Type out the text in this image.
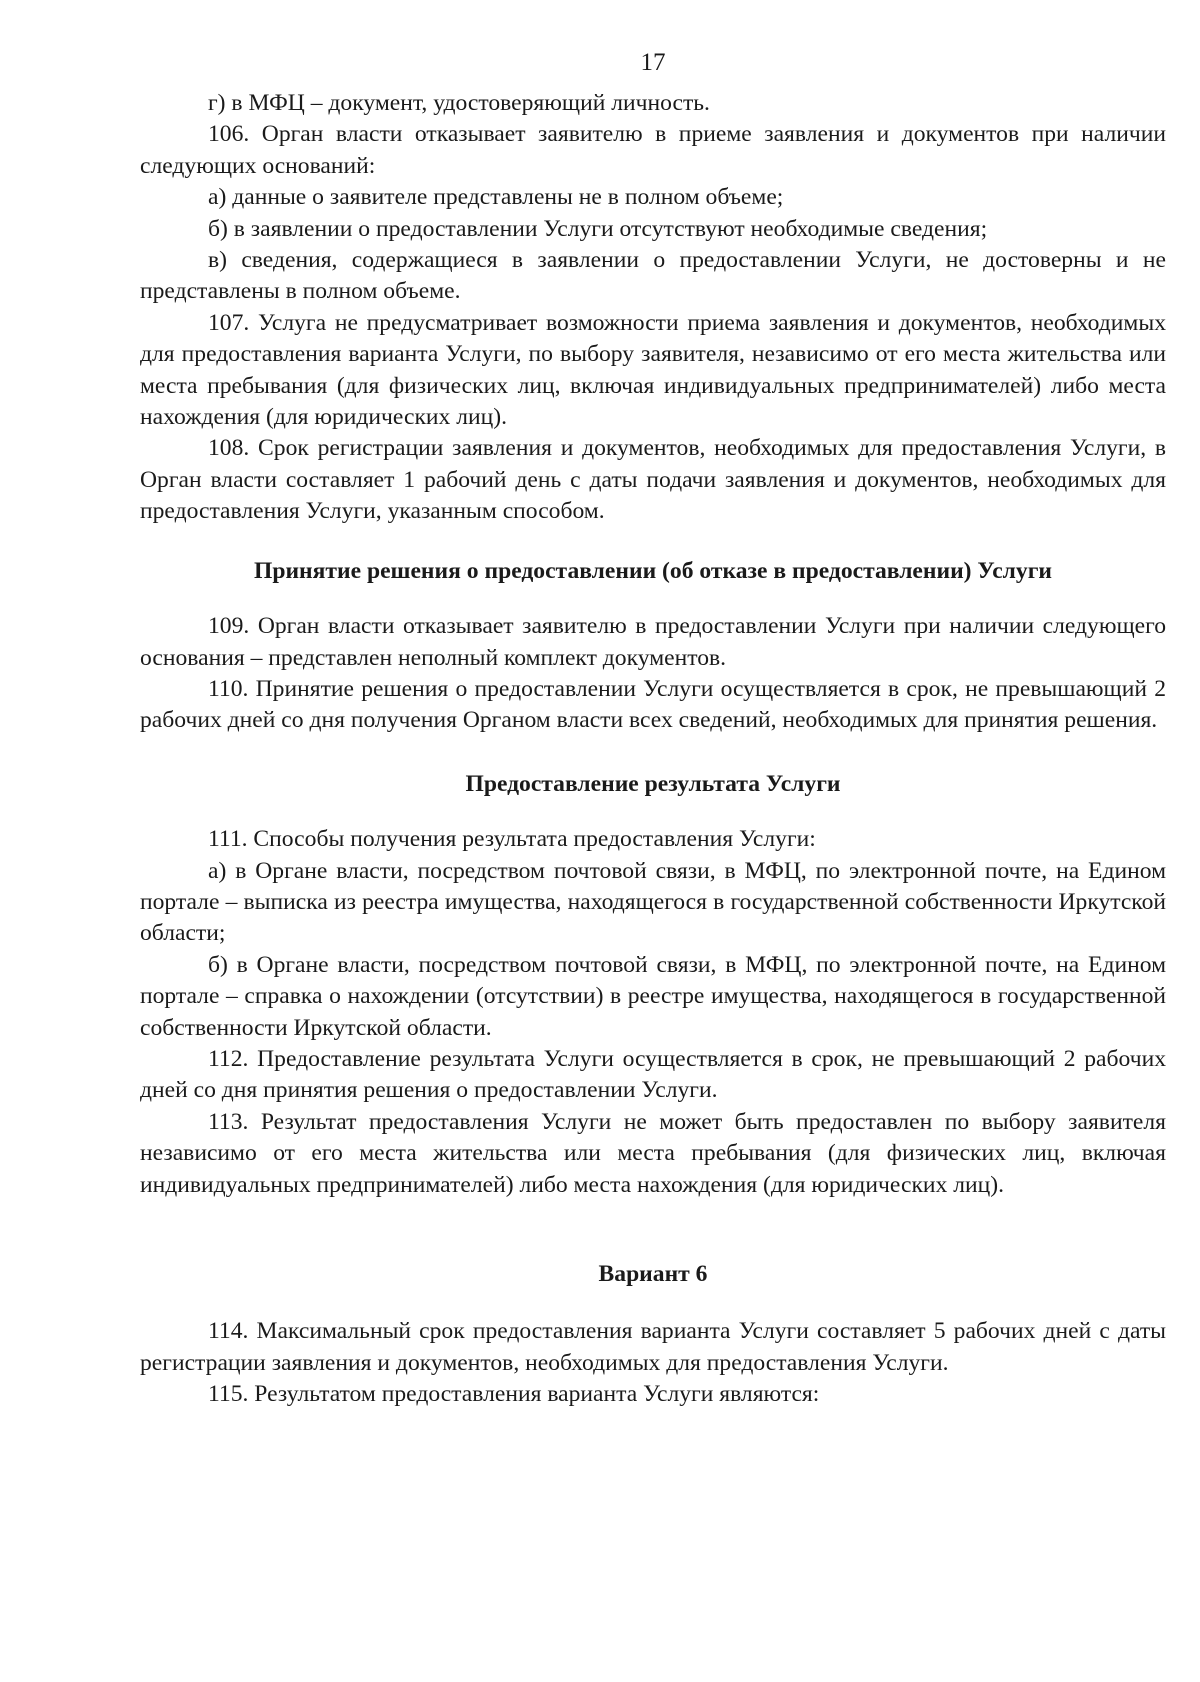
17

г) в МФЦ – документ, удостоверяющий личность.

106. Орган власти отказывает заявителю в приеме заявления и документов при наличии следующих оснований:

а) данные о заявителе представлены не в полном объеме;

б) в заявлении о предоставлении Услуги отсутствуют необходимые сведения;

в) сведения, содержащиеся в заявлении о предоставлении Услуги, не достоверны и не представлены в полном объеме.

107. Услуга не предусматривает возможности приема заявления и документов, необходимых для предоставления варианта Услуги, по выбору заявителя, независимо от его места жительства или места пребывания (для физических лиц, включая индивидуальных предпринимателей) либо места нахождения (для юридических лиц).

108. Срок регистрации заявления и документов, необходимых для предоставления Услуги, в Орган власти составляет 1 рабочий день с даты подачи заявления и документов, необходимых для предоставления Услуги, указанным способом.

Принятие решения о предоставлении (об отказе в предоставлении) Услуги

109. Орган власти отказывает заявителю в предоставлении Услуги при наличии следующего основания – представлен неполный комплект документов.

110. Принятие решения о предоставлении Услуги осуществляется в срок, не превышающий 2 рабочих дней со дня получения Органом власти всех сведений, необходимых для принятия решения.

Предоставление результата Услуги

111. Способы получения результата предоставления Услуги:

а) в Органе власти, посредством почтовой связи, в МФЦ, по электронной почте, на Едином портале – выписка из реестра имущества, находящегося в государственной собственности Иркутской области;

б) в Органе власти, посредством почтовой связи, в МФЦ, по электронной почте, на Едином портале – справка о нахождении (отсутствии) в реестре имущества, находящегося в государственной собственности Иркутской области.

112. Предоставление результата Услуги осуществляется в срок, не превышающий 2 рабочих дней со дня принятия решения о предоставлении Услуги.

113. Результат предоставления Услуги не может быть предоставлен по выбору заявителя независимо от его места жительства или места пребывания (для физических лиц, включая индивидуальных предпринимателей) либо места нахождения (для юридических лиц).

Вариант 6

114. Максимальный срок предоставления варианта Услуги составляет 5 рабочих дней с даты регистрации заявления и документов, необходимых для предоставления Услуги.

115. Результатом предоставления варианта Услуги являются:
